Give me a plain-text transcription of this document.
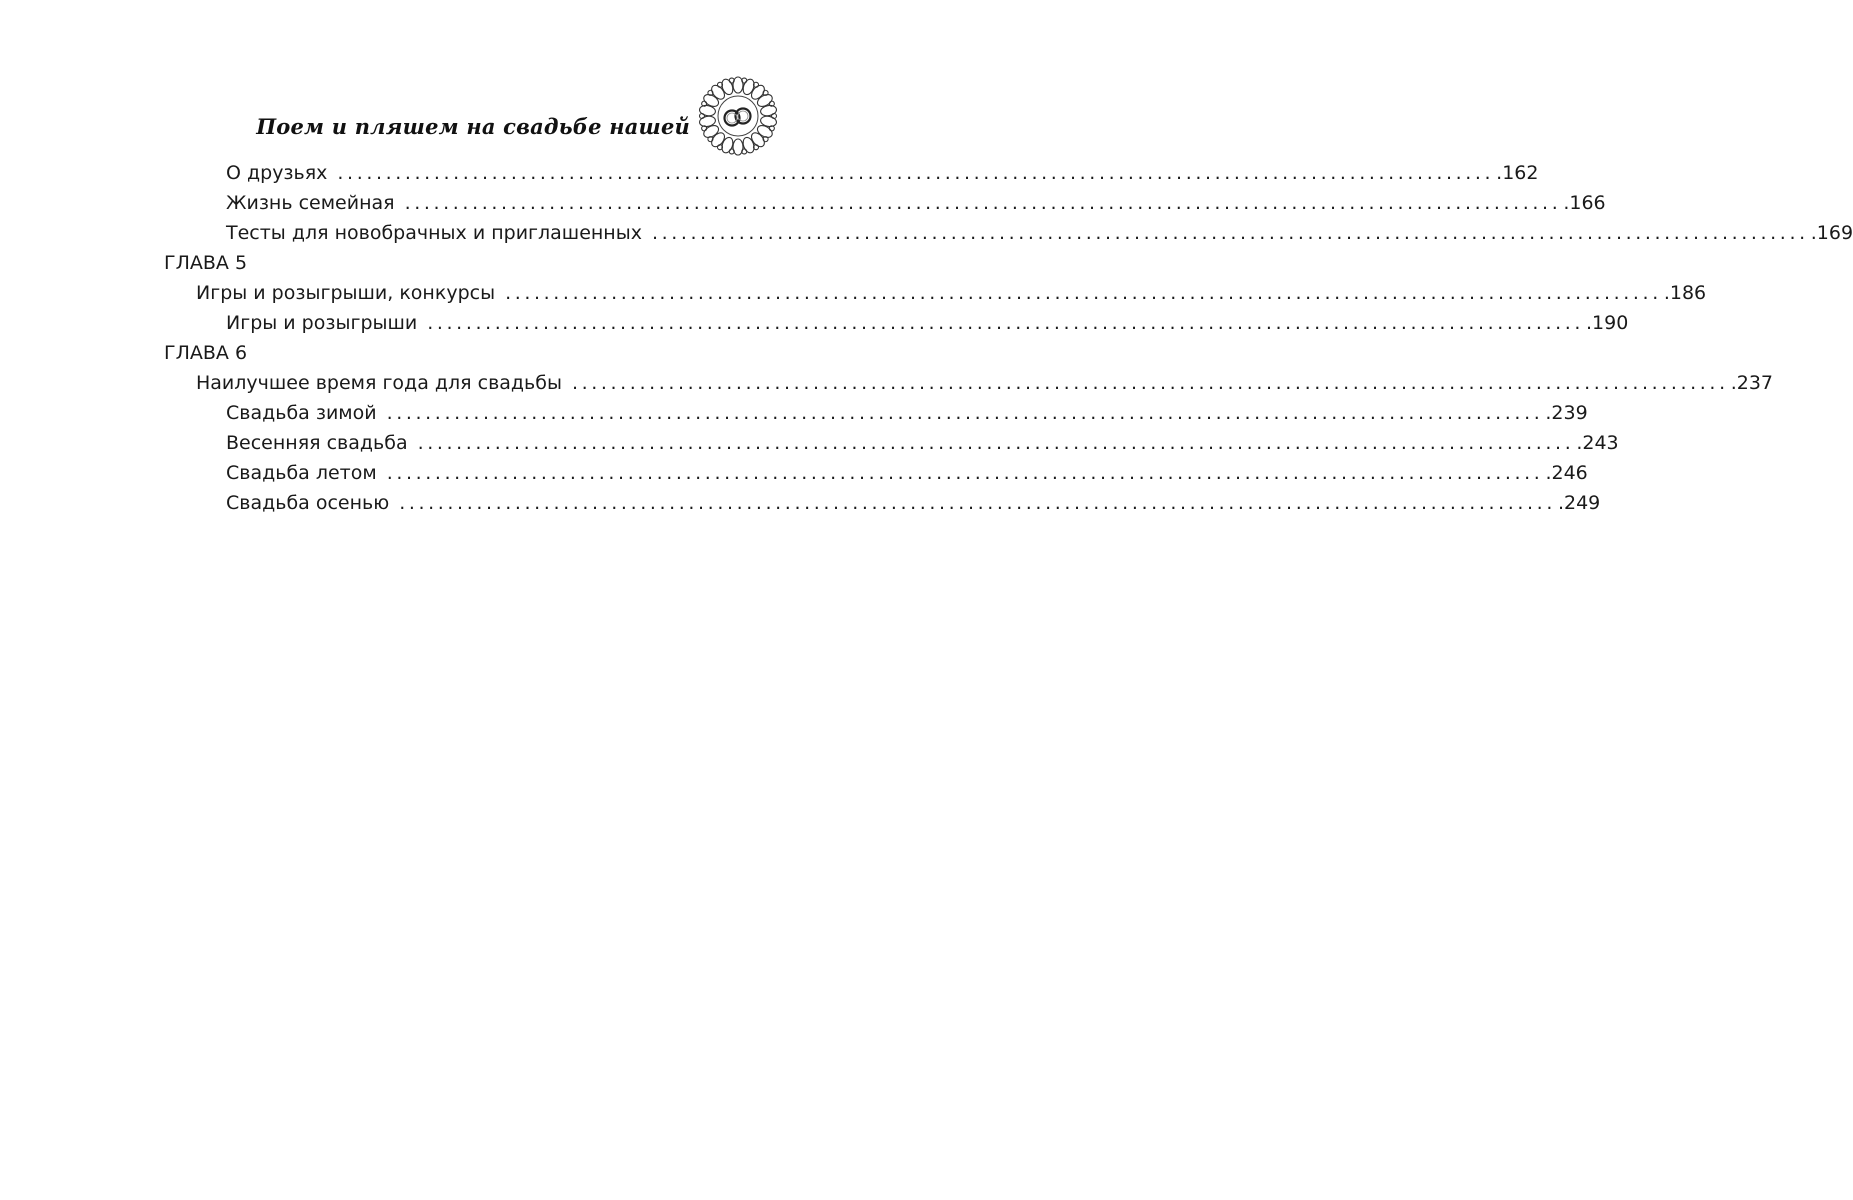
Поем и пляшем на свадьбе нашей
О друзьях ........................................................................................................................ .162
Жизнь семейная ........................................................................................................................ .166
Тесты для новобрачных и приглашенных ........................................................................................................................ .169
ГЛАВА 5
Игры и розыгрыши, конкурсы ........................................................................................................................ .186
Игры и розыгрыши ........................................................................................................................ .190
ГЛАВА 6
Наилучшее время года для свадьбы ........................................................................................................................ .237
Свадьба зимой ........................................................................................................................ .239
Весенняя свадьба ........................................................................................................................ .243
Свадьба летом ........................................................................................................................ .246
Свадьба осенью ........................................................................................................................ .249
